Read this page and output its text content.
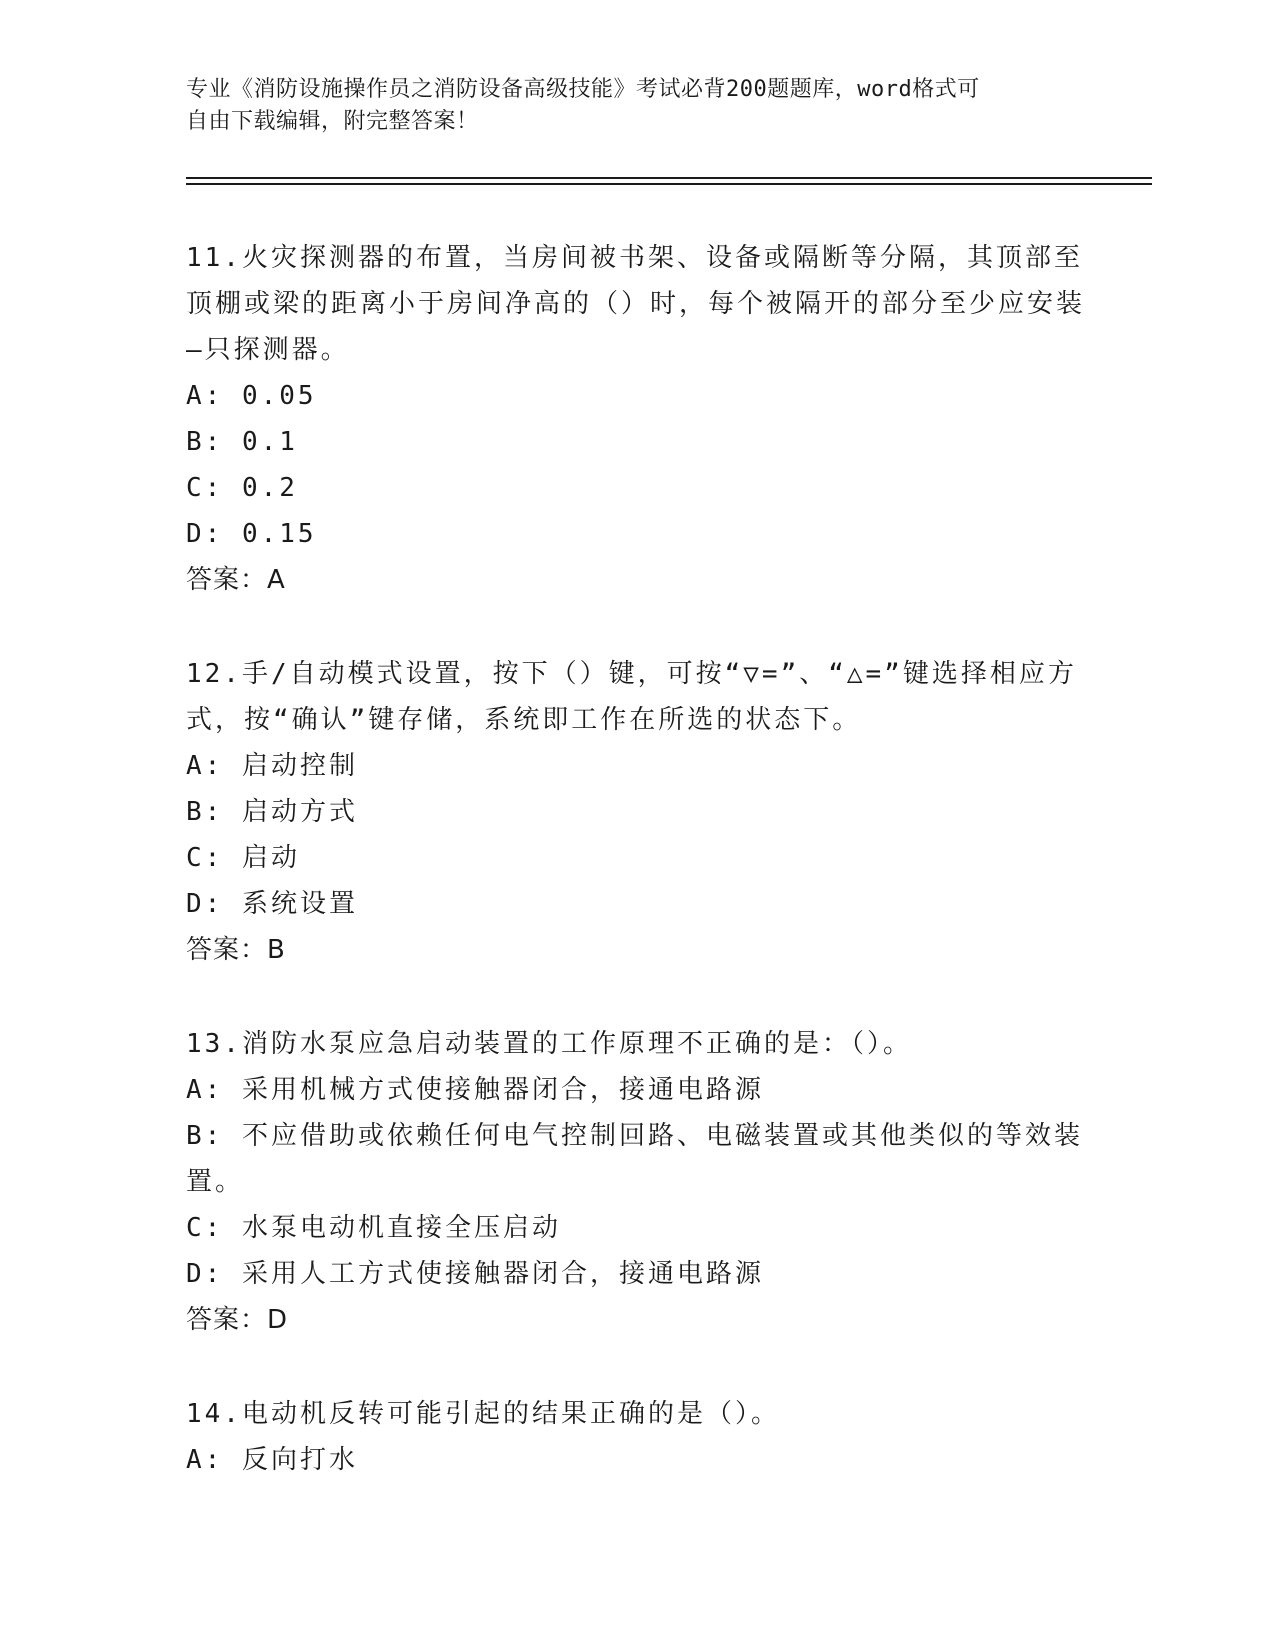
专业《消防设施操作员之消防设备高级技能》考试必背200题题库，word格式可
自由下载编辑，附完整答案！
11.火灾探测器的布置，当房间被书架、设备或隔断等分隔，其顶部至顶棚或梁的距离小于房间净高的（）时，每个被隔开的部分至少应安装—只探测器。
A: 0.05
B: 0.1
C: 0.2
D: 0.15
答案：A
12.手/自动模式设置，按下（）键，可按“▽=”、“△=”键选择相应方式，按“确认”键存储，系统即工作在所选的状态下。
A: 启动控制
B: 启动方式
C: 启动
D: 系统设置
答案：B
13.消防水泵应急启动装置的工作原理不正确的是：（）。
A: 采用机械方式使接触器闭合，接通电路源
B: 不应借助或依赖任何电气控制回路、电磁装置或其他类似的等效装置。
C: 水泵电动机直接全压启动
D: 采用人工方式使接触器闭合，接通电路源
答案：D
14.电动机反转可能引起的结果正确的是（）。
A: 反向打水
